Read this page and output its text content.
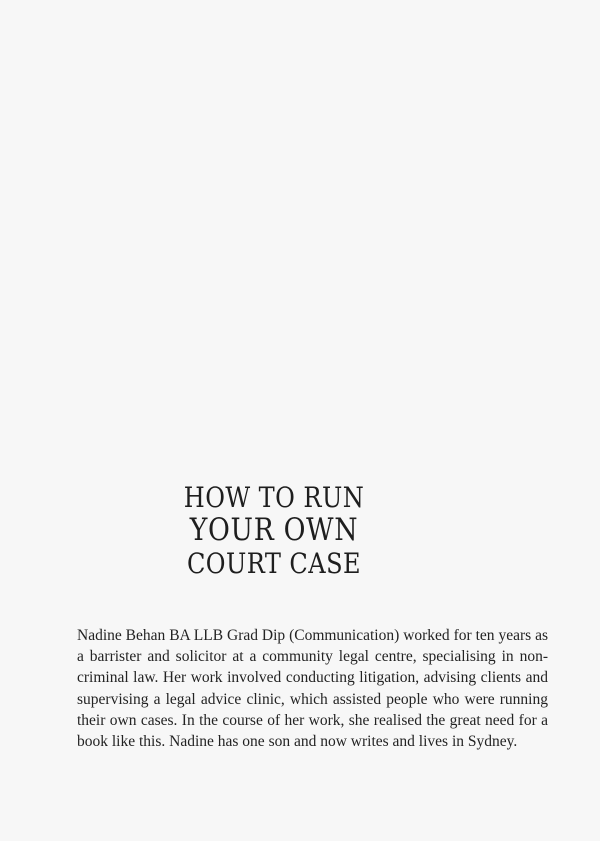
HOW TO RUN
YOUR OWN
COURT CASE

Nadine Behan BA LLB Grad Dip (Communication) worked for ten years as a barrister and solicitor at a community legal centre, specialising in non-criminal law. Her work involved conducting litigation, advising clients and supervising a legal advice clinic, which assisted people who were running their own cases. In the course of her work, she realised the great need for a book like this. Nadine has one son and now writes and lives in Sydney.
